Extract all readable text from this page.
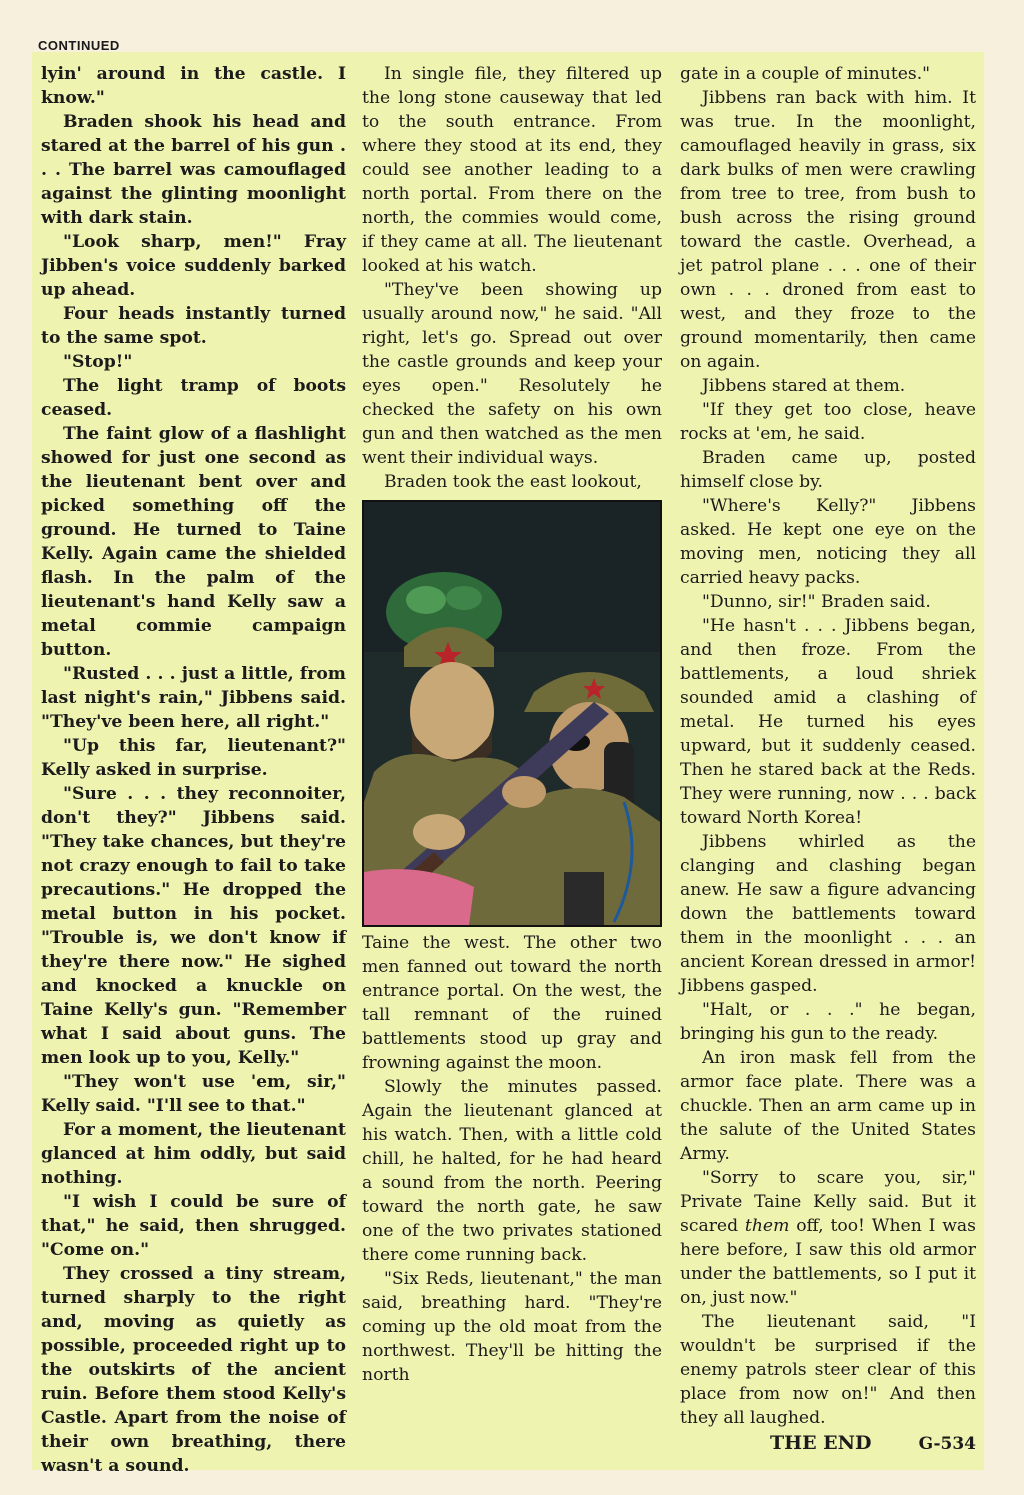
CONTINUED

lyin' around in the castle. I know."

Braden shook his head and stared at the barrel of his gun . . . The barrel was camouflaged against the glinting moonlight with dark stain.

"Look sharp, men!" Fray Jibben's voice suddenly barked up ahead.

Four heads instantly turned to the same spot.

"Stop!"

The light tramp of boots ceased.

The faint glow of a flashlight showed for just one second as the lieutenant bent over and picked something off the ground. He turned to Taine Kelly. Again came the shielded flash. In the palm of the lieutenant's hand Kelly saw a metal commie campaign button.

"Rusted . . . just a little, from last night's rain," Jibbens said. "They've been here, all right."

"Up this far, lieutenant?" Kelly asked in surprise.

"Sure . . . they reconnoiter, don't they?" Jibbens said. "They take chances, but they're not crazy enough to fail to take precautions." He dropped the metal button in his pocket. "Trouble is, we don't know if they're there now." He sighed and knocked a knuckle on Taine Kelly's gun. "Remember what I said about guns. The men look up to you, Kelly."

"They won't use 'em, sir," Kelly said. "I'll see to that."

For a moment, the lieutenant glanced at him oddly, but said nothing.

"I wish I could be sure of that," he said, then shrugged. "Come on."

They crossed a tiny stream, turned sharply to the right and, moving as quietly as possible, proceeded right up to the outskirts of the ancient ruin. Before them stood Kelly's Castle. Apart from the noise of their own breathing, there wasn't a sound.

In single file, they filtered up the long stone causeway that led to the south entrance. From where they stood at its end, they could see another leading to a north portal. From there on the north, the commies would come, if they came at all. The lieutenant looked at his watch.

"They've been showing up usually around now," he said. "All right, let's go. Spread out over the castle grounds and keep your eyes open." Resolutely he checked the safety on his own gun and then watched as the men went their individual ways.

Braden took the east lookout,

Taine the west. The other two men fanned out toward the north entrance portal. On the west, the tall remnant of the ruined battlements stood up gray and frowning against the moon.

Slowly the minutes passed. Again the lieutenant glanced at his watch. Then, with a little cold chill, he halted, for he had heard a sound from the north. Peering toward the north gate, he saw one of the two privates stationed there come running back.

"Six Reds, lieutenant," the man said, breathing hard. "They're coming up the old moat from the northwest. They'll be hitting the north

gate in a couple of minutes."

Jibbens ran back with him. It was true. In the moonlight, camouflaged heavily in grass, six dark bulks of men were crawling from tree to tree, from bush to bush across the rising ground toward the castle. Overhead, a jet patrol plane . . . one of their own . . . droned from east to west, and they froze to the ground momentarily, then came on again.

Jibbens stared at them.

"If they get too close, heave rocks at 'em, he said.

Braden came up, posted himself close by.

"Where's Kelly?" Jibbens asked. He kept one eye on the moving men, noticing they all carried heavy packs.

"Dunno, sir!" Braden said.

"He hasn't . . . Jibbens began, and then froze. From the battlements, a loud shriek sounded amid a clashing of metal. He turned his eyes upward, but it suddenly ceased. Then he stared back at the Reds. They were running, now . . . back toward North Korea!

Jibbens whirled as the clanging and clashing began anew. He saw a figure advancing down the battlements toward them in the moonlight . . . an ancient Korean dressed in armor! Jibbens gasped.

"Halt, or . . ." he began, bringing his gun to the ready.

An iron mask fell from the armor face plate. There was a chuckle. Then an arm came up in the salute of the United States Army.

"Sorry to scare you, sir," Private Taine Kelly said. But it scared them off, too! When I was here before, I saw this old armor under the battlements, so I put it on, just now."

The lieutenant said, "I wouldn't be surprised if the enemy patrols steer clear of this place from now on!" And then they all laughed.

THE END	G-534
